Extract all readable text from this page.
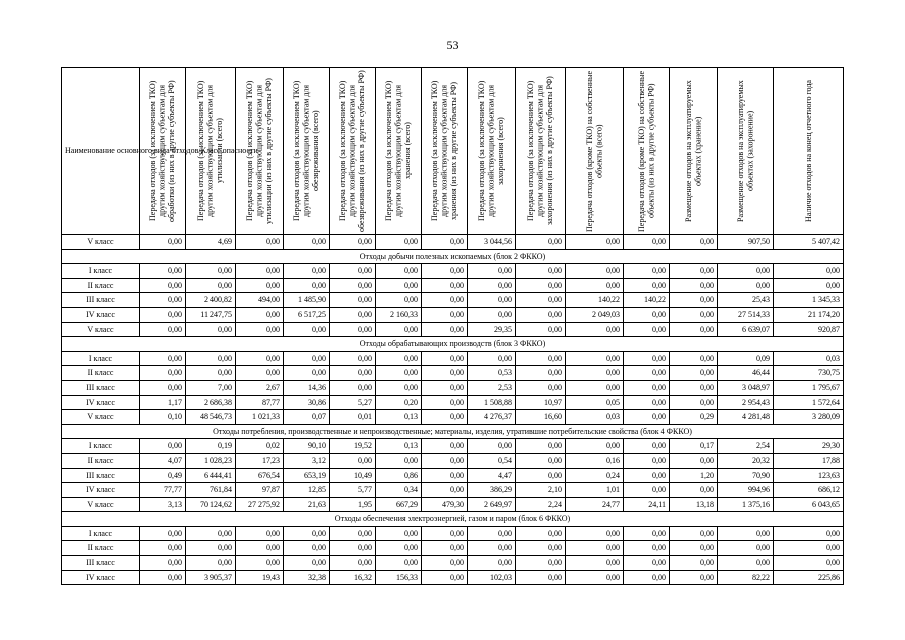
53
Наименование основного вида отходов/Класс опасности	Передача отходов (за исключением ТКО) другим хозяйствующим субъектам для обработки (из них в другие субъекты РФ)	Передача отходов (за исключением ТКО) другим хозяйствующим субъектам для утилизации (всего)	Передача отходов (за исключением ТКО) другим хозяйствующим субъектам для утилизации (из них в другие субъекты РФ)	Передача отходов (за исключением ТКО) другим хозяйствующим субъектам для обезвреживания (всего)	Передача отходов (за исключением ТКО) другим хозяйствующим субъектам для обезвреживания (из них в другие субъекты РФ)	Передача отходов (за исключением ТКО) другим хозяйствующим субъектам для хранения (всего)	Передача отходов (за исключением ТКО) другим хозяйствующим субъектам для хранения (из них в другие субъекты РФ)	Передача отходов (за исключением ТКО) другим хозяйствующим субъектам для захоронения (всего)	Передача отходов (за исключением ТКО) другим хозяйствующим субъектам для захоронения (из них в другие субъекты РФ)	Передача отходов (кроме ТКО) на собственные объекты (всего)	Передача отходов (кроме ТКО) на собственные объекты (из них в другие субъекты РФ)	Размещение отходов на эксплуатируемых объектах (хранение)	Размещение отходов на эксплуатируемых объектах (захоронение)	Наличие отходов на конец отчетного года

V класс	0,00	4,69	0,00	0,00	0,00	0,00	0,00	3 044,56	0,00	0,00	0,00	0,00	907,50	5 407,42
Отходы добычи полезных ископаемых (блок 2 ФККО)														
I класс	0,00	0,00	0,00	0,00	0,00	0,00	0,00	0,00	0,00	0,00	0,00	0,00	0,00	0,00
II класс	0,00	0,00	0,00	0,00	0,00	0,00	0,00	0,00	0,00	0,00	0,00	0,00	0,00	0,00
III класс	0,00	2 400,82	494,00	1 485,90	0,00	0,00	0,00	0,00	0,00	140,22	140,22	0,00	25,43	1 345,33
IV класс	0,00	11 247,75	0,00	6 517,25	0,00	2 160,33	0,00	0,00	0,00	2 049,03	0,00	0,00	27 514,33	21 174,20
V класс	0,00	0,00	0,00	0,00	0,00	0,00	0,00	29,35	0,00	0,00	0,00	0,00	6 639,07	920,87
Отходы обрабатывающих производств (блок 3 ФККО)														
I класс	0,00	0,00	0,00	0,00	0,00	0,00	0,00	0,00	0,00	0,00	0,00	0,00	0,09	0,03
II класс	0,00	0,00	0,00	0,00	0,00	0,00	0,00	0,53	0,00	0,00	0,00	0,00	46,44	730,75
III класс	0,00	7,00	2,67	14,36	0,00	0,00	0,00	2,53	0,00	0,00	0,00	0,00	3 048,97	1 795,67
IV класс	1,17	2 686,38	87,77	30,86	5,27	0,20	0,00	1 508,88	10,97	0,05	0,00	0,00	2 954,43	1 572,64
V класс	0,10	48 546,73	1 021,33	0,07	0,01	0,13	0,00	4 276,37	16,60	0,03	0,00	0,29	4 281,48	3 280,09
Отходы потребления, производственные и непроизводственные; материалы, изделия, утратившие потребительские свойства (блок 4 ФККО)														
I класс	0,00	0,19	0,02	90,10	19,52	0,13	0,00	0,00	0,00	0,00	0,00	0,17	2,54	29,30
II класс	4,07	1 028,23	17,23	3,12	0,00	0,00	0,00	0,54	0,00	0,16	0,00	0,00	20,32	17,88
III класс	0,49	6 444,41	676,54	653,19	10,49	0,86	0,00	4,47	0,00	0,24	0,00	1,20	70,90	123,63
IV класс	77,77	761,84	97,87	12,85	5,77	0,34	0,00	386,29	2,10	1,01	0,00	0,00	994,96	686,12
V класс	3,13	70 124,62	27 275,92	21,63	1,95	667,29	479,30	2 649,97	2,24	24,77	24,11	13,18	1 375,16	6 043,65
Отходы обеспечения электроэнергией, газом и паром (блок 6 ФККО)														
I класс	0,00	0,00	0,00	0,00	0,00	0,00	0,00	0,00	0,00	0,00	0,00	0,00	0,00	0,00
II класс	0,00	0,00	0,00	0,00	0,00	0,00	0,00	0,00	0,00	0,00	0,00	0,00	0,00	0,00
III класс	0,00	0,00	0,00	0,00	0,00	0,00	0,00	0,00	0,00	0,00	0,00	0,00	0,00	0,00
IV класс	0,00	3 905,37	19,43	32,38	16,32	156,33	0,00	102,03	0,00	0,00	0,00	0,00	82,22	225,86
